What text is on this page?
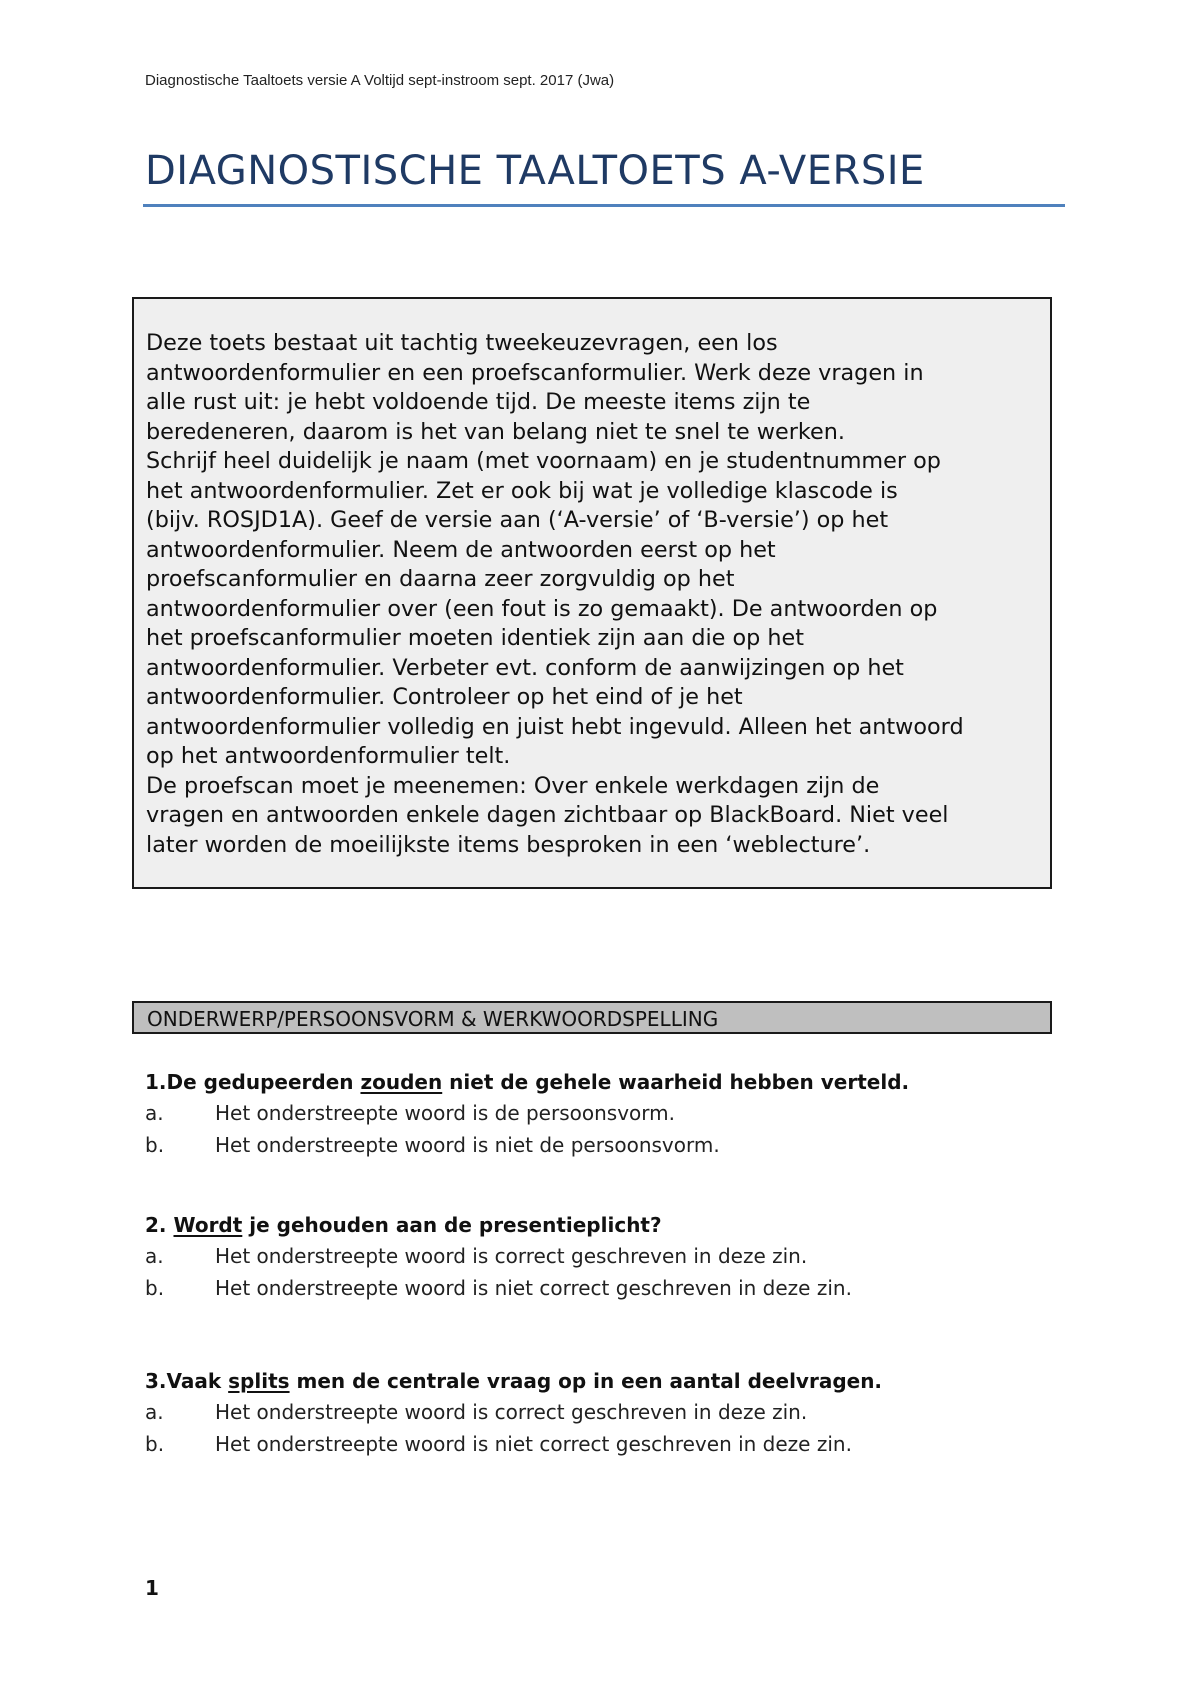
Diagnostische Taaltoets versie A Voltijd sept-instroom sept. 2017 (Jwa)
DIAGNOSTISCHE TAALTOETS A-VERSIE

Deze toets bestaat uit tachtig tweekeuzevragen, een los

antwoordenformulier en een proefscanformulier. Werk deze vragen in

alle rust uit: je hebt voldoende tijd. De meeste items zijn te

beredeneren, daarom is het van belang niet te snel te werken.

Schrijf heel duidelijk je naam (met voornaam) en je studentnummer op

het antwoordenformulier. Zet er ook bij wat je volledige klascode is

(bijv. ROSJD1A). Geef de versie aan (‘A-versie’ of ‘B-versie’) op het

antwoordenformulier. Neem de antwoorden eerst op het

proefscanformulier en daarna zeer zorgvuldig op het

antwoordenformulier over (een fout is zo gemaakt). De antwoorden op

het proefscanformulier moeten identiek zijn aan die op het

antwoordenformulier. Verbeter evt. conform de aanwijzingen op het

antwoordenformulier. Controleer op het eind of je het

antwoordenformulier volledig en juist hebt ingevuld. Alleen het antwoord

op het antwoordenformulier telt.

De proefscan moet je meenemen: Over enkele werkdagen zijn de

vragen en antwoorden enkele dagen zichtbaar op BlackBoard. Niet veel

later worden de moeilijkste items besproken in een ‘weblecture’.

ONDERWERP/PERSOONSVORM & WERKWOORDSPELLING
1.De gedupeerden zouden niet de gehele waarheid hebben verteld.
a.	Het onderstreepte woord is de persoonsvorm.
b.	Het onderstreepte woord is niet de persoonsvorm.
2. Wordt je gehouden aan de presentieplicht?
a.	Het onderstreepte woord is correct geschreven in deze zin.
b.	Het onderstreepte woord is niet correct geschreven in deze zin.
3.Vaak splits men de centrale vraag op in een aantal deelvragen.
a.	Het onderstreepte woord is correct geschreven in deze zin.
b.	Het onderstreepte woord is niet correct geschreven in deze zin.
1
